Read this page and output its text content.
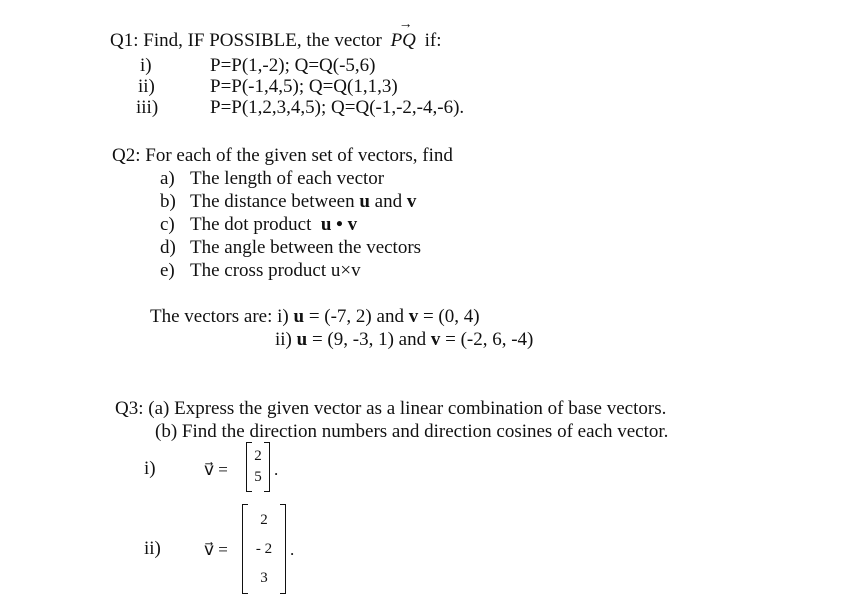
Q1: Find, IF POSSIBLE, the vector
→
PQ if:
i)	P=P(1,-2); Q=Q(-5,6)
ii)	P=P(-1,4,5); Q=Q(1,1,3)
iii)	P=P(1,2,3,4,5); Q=Q(-1,-2,-4,-6).
Q2: For each of the given set of vectors, find
a) The length of each vector
b) The distance between u and v
c) The dot product u • v
d) The angle between the vectors
e) The cross product u×v
The vectors are: i) u = (-7, 2) and v = (0, 4)
ii) u = (9, -3, 1) and v = (-2, 6, -4)
Q3: (a) Express the given vector as a linear combination of base vectors.
(b) Find the direction numbers and direction cosines of each vector.
i)	v⃗ =
2
5 .
ii)	v⃗ =
2
- 2
3
.
